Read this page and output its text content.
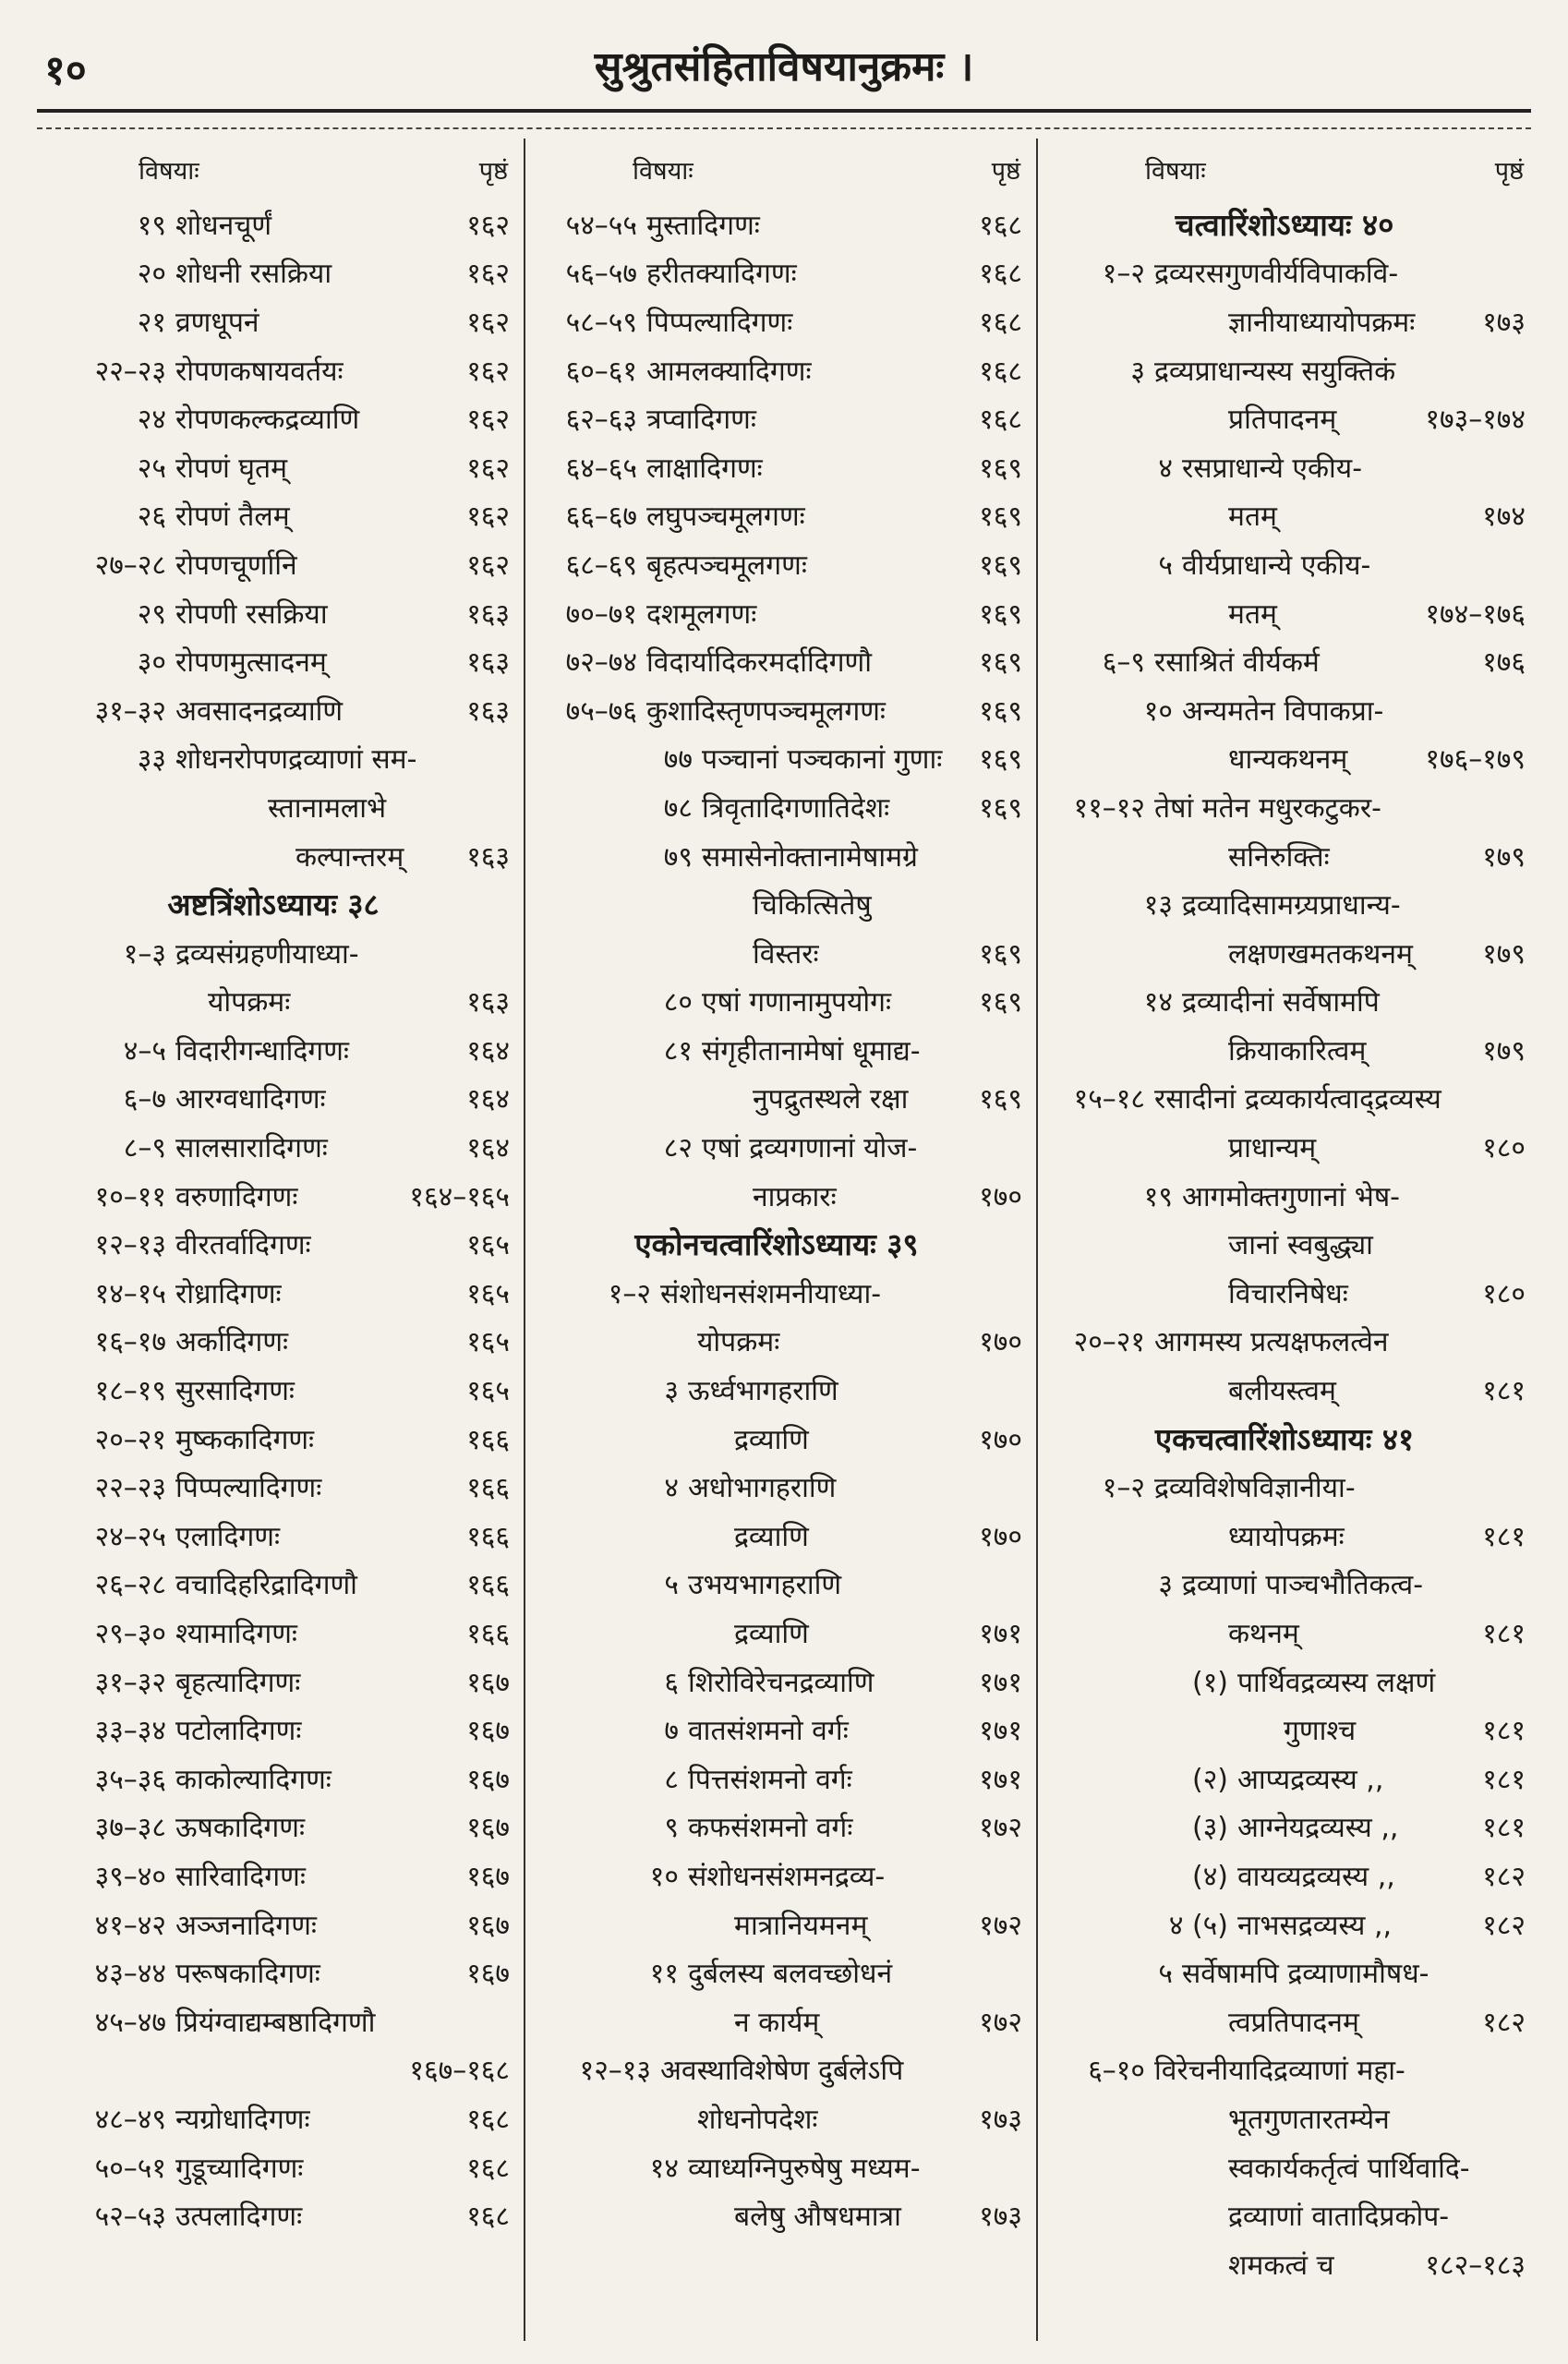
१०	सुश्रुतसंहिताविषयानुक्रमः ।
विषयाः	पृष्ठं
१९ शोधनचूर्णं	१६२
२० शोधनी रसक्रिया	१६२
२१ व्रणधूपनं	१६२
२२–२३ रोपणकषायवर्तयः	१६२
२४ रोपणकल्कद्रव्याणि	१६२
२५ रोपणं घृतम्	१६२
२६ रोपणं तैलम्	१६२
२७–२८ रोपणचूर्णानि	१६२
२९ रोपणी रसक्रिया	१६३
३० रोपणमुत्सादनम्	१६३
३१–३२ अवसादनद्रव्याणि	१६३
३३ शोधनरोपणद्रव्याणां सम-
स्तानामलाभे
कल्पान्तरम्	१६३
अष्टत्रिंशोऽध्यायः ३८
१–३ द्रव्यसंग्रहणीयाध्या-
योपक्रमः	१६३
४–५ विदारीगन्धादिगणः	१६४
६–७ आरग्वधादिगणः	१६४
८–९ सालसारादिगणः	१६४
१०–११ वरुणादिगणः	१६४–१६५
१२–१३ वीरतर्वादिगणः	१६५
१४–१५ रोध्रादिगणः	१६५
१६–१७ अर्कादिगणः	१६५
१८–१९ सुरसादिगणः	१६५
२०–२१ मुष्ककादिगणः	१६६
२२–२३ पिप्पल्यादिगणः	१६६
२४–२५ एलादिगणः	१६६
२६–२८ वचादिहरिद्रादिगणौ	१६६
२९–३० श्यामादिगणः	१६६
३१–३२ बृहत्यादिगणः	१६७
३३–३४ पटोलादिगणः	१६७
३५–३६ काकोल्यादिगणः	१६७
३७–३८ ऊषकादिगणः	१६७
३९–४० सारिवादिगणः	१६७
४१–४२ अञ्जनादिगणः	१६७
४३–४४ परूषकादिगणः	१६७
४५–४७ प्रियंग्वाद्यम्बष्ठादिगणौ
१६७–१६८
४८–४९ न्यग्रोधादिगणः	१६८
५०–५१ गुडूच्यादिगणः	१६८
५२–५३ उत्पलादिगणः	१६८
विषयाः	पृष्ठं
५४–५५ मुस्तादिगणः	१६८
५६–५७ हरीतक्यादिगणः	१६८
५८–५९ पिप्पल्यादिगणः	१६८
६०–६१ आमलक्यादिगणः	१६८
६२–६३ त्रप्वादिगणः	१६८
६४–६५ लाक्षादिगणः	१६९
६६–६७ लघुपञ्चमूलगणः	१६९
६८–६९ बृहत्पञ्चमूलगणः	१६९
७०–७१ दशमूलगणः	१६९
७२–७४ विदार्यादिकरमर्दादिगणौ	१६९
७५–७६ कुशादिस्तृणपञ्चमूलगणः	१६९
७७ पञ्चानां पञ्चकानां गुणाः	१६९
७८ त्रिवृतादिगणातिदेशः	१६९
७९ समासेनोक्तानामेषामग्रे
चिकित्सितेषु
विस्तरः	१६९
८० एषां गणानामुपयोगः	१६९
८१ संगृहीतानामेषां धूमाद्य-
नुपद्रुतस्थले रक्षा	१६९
८२ एषां द्रव्यगणानां योज-
नाप्रकारः	१७०
एकोनचत्वारिंशोऽध्यायः ३९
१–२ संशोधनसंशमनीयाध्या-
योपक्रमः	१७०
३ ऊर्ध्वभागहराणि
द्रव्याणि	१७०
४ अधोभागहराणि
द्रव्याणि	१७०
५ उभयभागहराणि
द्रव्याणि	१७१
६ शिरोविरेचनद्रव्याणि	१७१
७ वातसंशमनो वर्गः	१७१
८ पित्तसंशमनो वर्गः	१७१
९ कफसंशमनो वर्गः	१७२
१० संशोधनसंशमनद्रव्य-
मात्रानियमनम्	१७२
११ दुर्बलस्य बलवच्छोधनं
न कार्यम्	१७२
१२–१३ अवस्थाविशेषेण दुर्बलेऽपि
शोधनोपदेशः	१७३
१४ व्याध्यग्निपुरुषेषु मध्यम-
बलेषु औषधमात्रा	१७३
विषयाः	पृष्ठं
चत्वारिंशोऽध्यायः ४०
१–२ द्रव्यरसगुणवीर्यविपाकवि-
ज्ञानीयाध्यायोपक्रमः	१७३
३ द्रव्यप्राधान्यस्य सयुक्तिकं
प्रतिपादनम्	१७३–१७४
४ रसप्राधान्ये एकीय-
मतम्	१७४
५ वीर्यप्राधान्ये एकीय-
मतम्	१७४–१७६
६–९ रसाश्रितं वीर्यकर्म	१७६
१० अन्यमतेन विपाकप्रा-
धान्यकथनम्	१७६–१७९
११–१२ तेषां मतेन मधुरकटुकर-
सनिरुक्तिः	१७९
१३ द्रव्यादिसामग्र्यप्राधान्य-
लक्षणखमतकथनम्	१७९
१४ द्रव्यादीनां सर्वेषामपि
क्रियाकारित्वम्	१७९
१५–१८ रसादीनां द्रव्यकार्यत्वाद्द्रव्यस्य
प्राधान्यम्	१८०
१९ आगमोक्तगुणानां भेष-
जानां स्वबुद्ध्या
विचारनिषेधः	१८०
२०–२१ आगमस्य प्रत्यक्षफलत्वेन
बलीयस्त्वम्	१८१
एकचत्वारिंशोऽध्यायः ४१
१–२ द्रव्यविशेषविज्ञानीया-
ध्यायोपक्रमः	१८१
३ द्रव्याणां पाञ्चभौतिकत्व-
कथनम्	१८१
(१) पार्थिवद्रव्यस्य लक्षणं
गुणाश्च	१८१
(२) आप्यद्रव्यस्य ,,	१८१
(३) आग्नेयद्रव्यस्य ,,	१८१
(४) वायव्यद्रव्यस्य ,,	१८२
४ (५) नाभसद्रव्यस्य ,,	१८२
५ सर्वेषामपि द्रव्याणामौषध-
त्वप्रतिपादनम्	१८२
६–१० विरेचनीयादिद्रव्याणां महा-
भूतगुणतारतम्येन
स्वकार्यकर्तृत्वं पार्थिवादि-
द्रव्याणां वातादिप्रकोप-
शमकत्वं च	१८२–१८३
